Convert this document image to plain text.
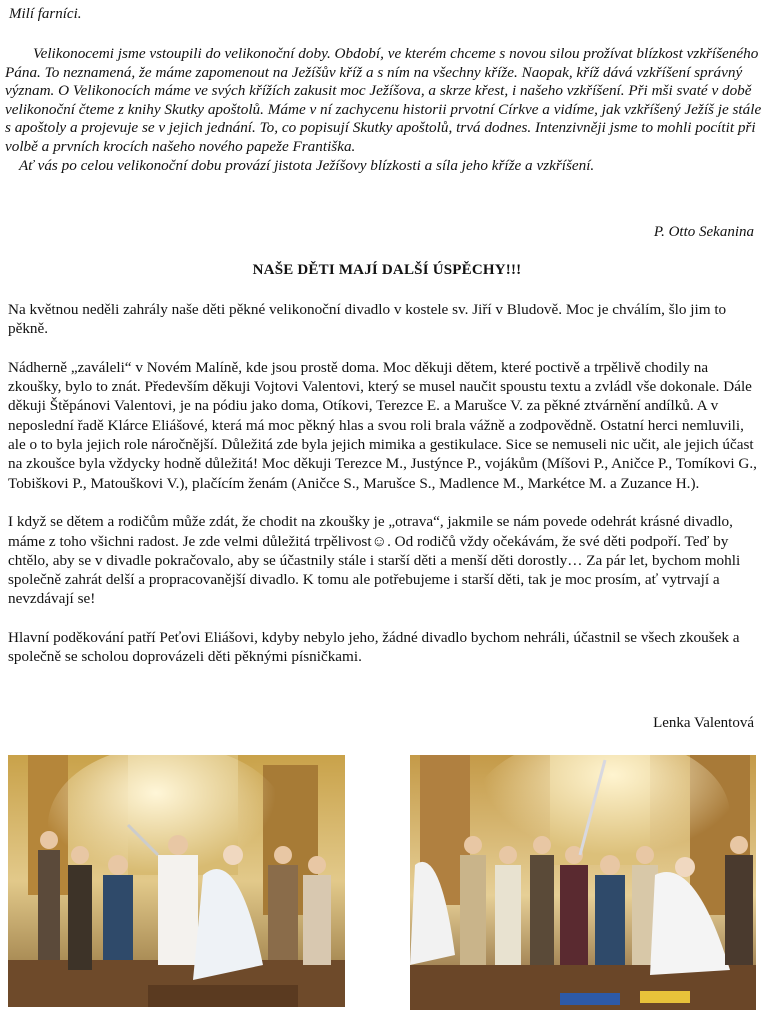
Milí farníci.

Velikonocemi jsme vstoupili do velikonoční doby. Období, ve kterém chceme s novou silou prožívat blízkost vzkříšeného Pána. To neznamená, že máme zapomenout na Ježíšův kříž a s ním na všechny kříže. Naopak, kříž dává vzkříšení správný význam. O Velikonocích máme ve svých křížích zakusit moc Ježíšova, a skrze křest, i našeho vzkříšení. Při mši svaté v době velikonoční čteme z knihy Skutky apoštolů. Máme v ní zachycenu historii prvotní Církve a vidíme, jak vzkříšený Ježíš je stále s apoštoly a projevuje se v jejich jednání. To, co popisují Skutky apoštolů, trvá dodnes. Intenzivněji jsme to mohli pocítit při volbě a prvních krocích našeho nového papeže Františka.

Ať vás po celou velikonoční dobu provází jistota Ježíšovy blízkosti a síla jeho kříže a vzkříšení.

P. Otto Sekanina
NAŠE DĚTI MAJÍ DALŠÍ ÚSPĚCHY!!!

Na květnou neděli zahrály naše děti pěkné velikonoční divadlo v kostele sv. Jiří v Bludově. Moc je chválím, šlo jim to pěkně.

Nádherně „zaváleli“ v Novém Malíně, kde jsou prostě doma. Moc děkuji dětem, které poctivě a trpělivě chodily na zkoušky, bylo to znát. Především děkuji Vojtovi Valentovi, který se musel naučit spoustu textu a zvládl vše dokonale. Dále děkuji Štěpánovi Valentovi, je na pódiu jako doma, Otíkovi, Terezce E. a Marušce V. za pěkné ztvárnění andílků. A v neposlední řadě Klárce Eliášové, která má moc pěkný hlas a svou roli brala vážně a zodpovědně. Ostatní herci nemluvili, ale o to byla jejich role náročnější. Důležitá zde byla jejich mimika a gestikulace. Sice se nemuseli nic učit, ale jejich účast na zkoušce byla vždycky hodně důležitá! Moc děkuji Terezce M., Justýnce P., vojákům (Míšovi P., Aničce P., Tomíkovi G., Tobiškovi P., Matouškovi V.), plačícím ženám (Aničce S., Marušce S., Madlence M., Markétce M. a Zuzance H.).

I když se dětem a rodičům může zdát, že chodit na zkoušky je „otrava“, jakmile se nám povede odehrát krásné divadlo, máme z toho všichni radost. Je zde velmi důležitá trpělivost☺. Od rodičů vždy očekávám, že své děti podpoří. Teď by chtělo, aby se v divadle pokračovalo, aby se účastnily stále i starší děti a menší děti dorostly… Za pár let, bychom mohli společně zahrát delší a propracovanější divadlo. K tomu ale potřebujeme i starší děti, tak je moc prosím, ať vytrvají a nevzdávají se!

Hlavní poděkování patří Peťovi Eliášovi, kdyby nebylo jeho, žádné divadlo bychom nehráli, účastnil se všech zkoušek a společně se scholou doprovázeli děti pěknými písničkami.

Lenka Valentová
